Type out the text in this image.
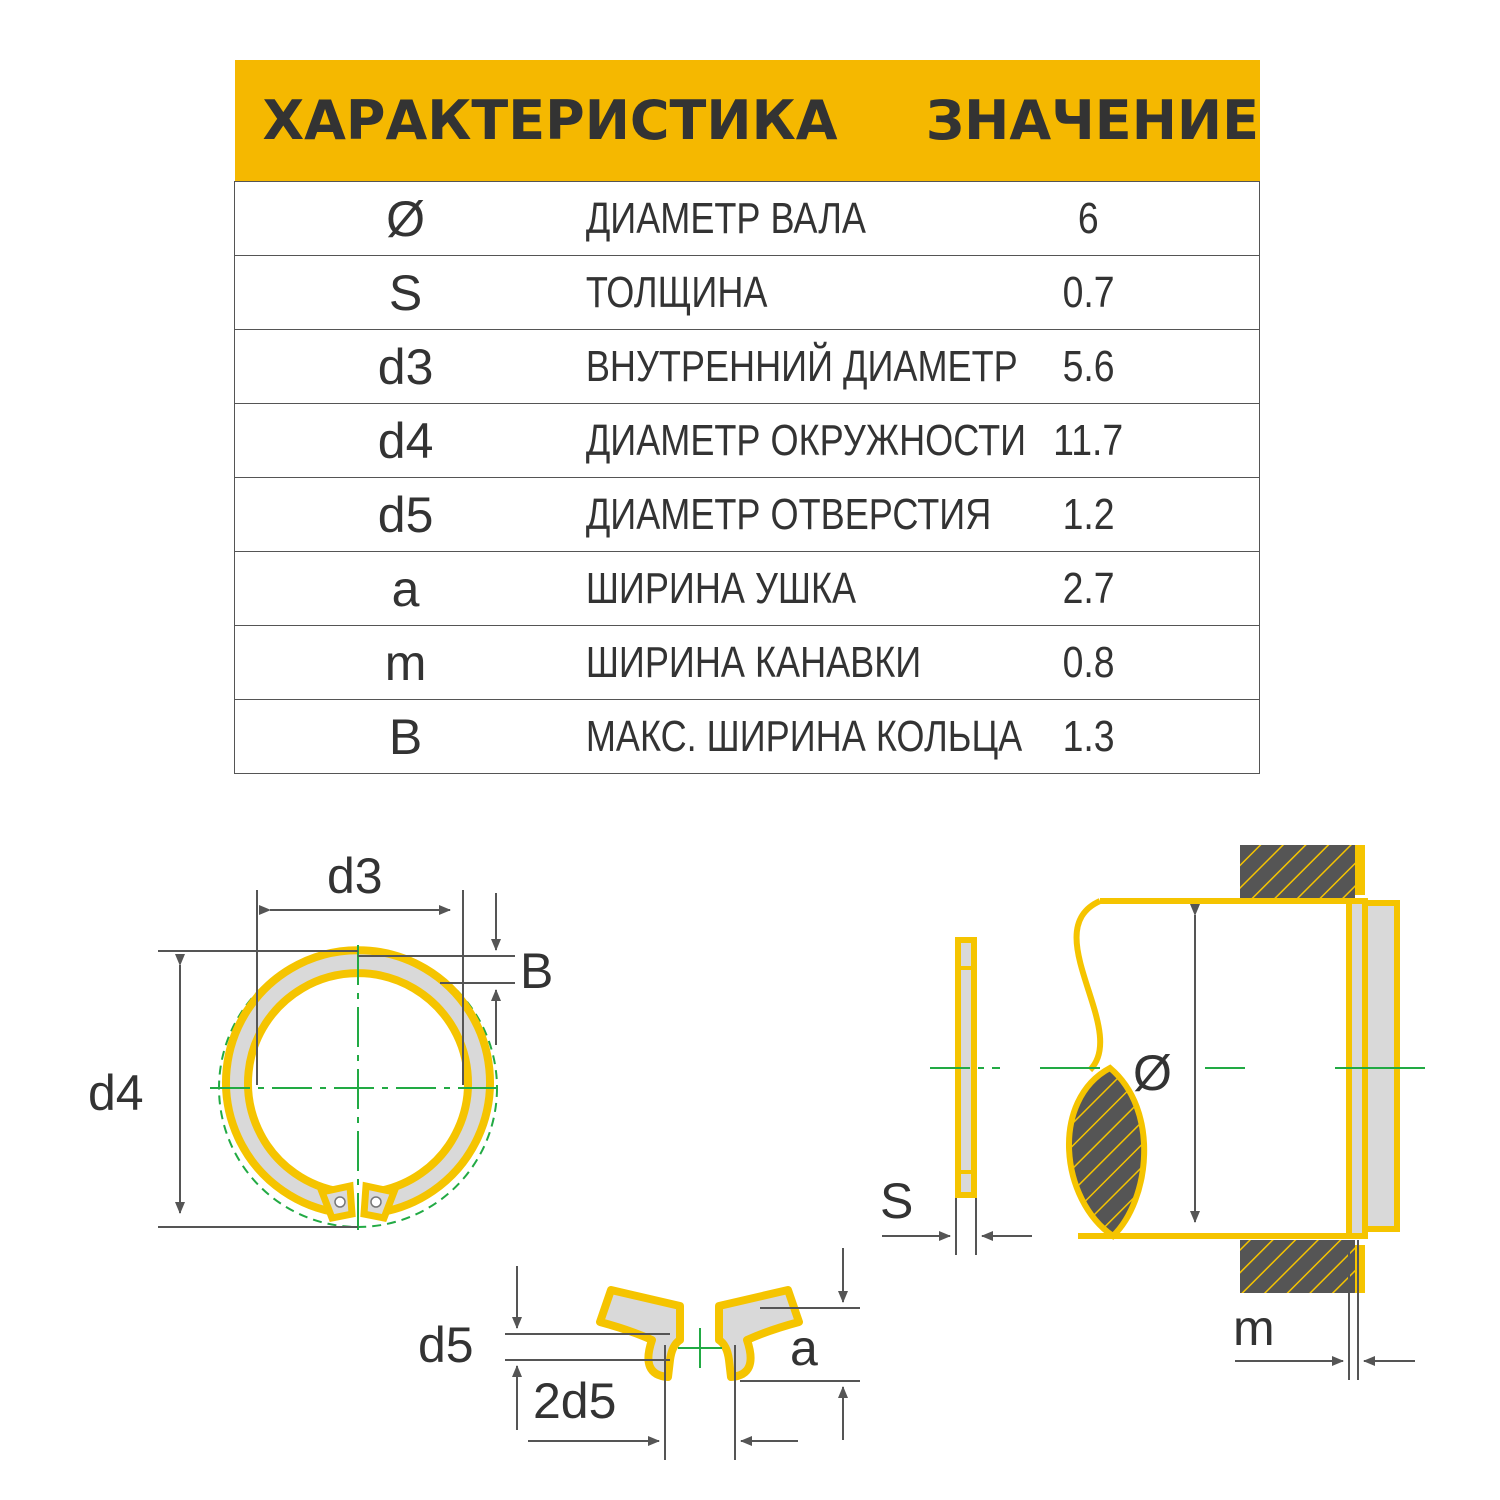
ХАРАКТЕРИСТИКА		ЗНАЧЕНИЕ
Ø	ДИАМЕТР ВАЛА	6
S	ТОЛЩИНА	0.7
d3	ВНУТРЕННИЙ ДИАМЕТР	5.6
d4	ДИАМЕТР ОКРУЖНОСТИ	11.7
d5	ДИАМЕТР ОТВЕРСТИЯ	1.2
a	ШИРИНА УШКА	2.7
m	ШИРИНА КАНАВКИ	0.8
B	МАКС. ШИРИНА КОЛЬЦА	1.3
d3
d4
B
d5
2d5
a
S
Ø
m
